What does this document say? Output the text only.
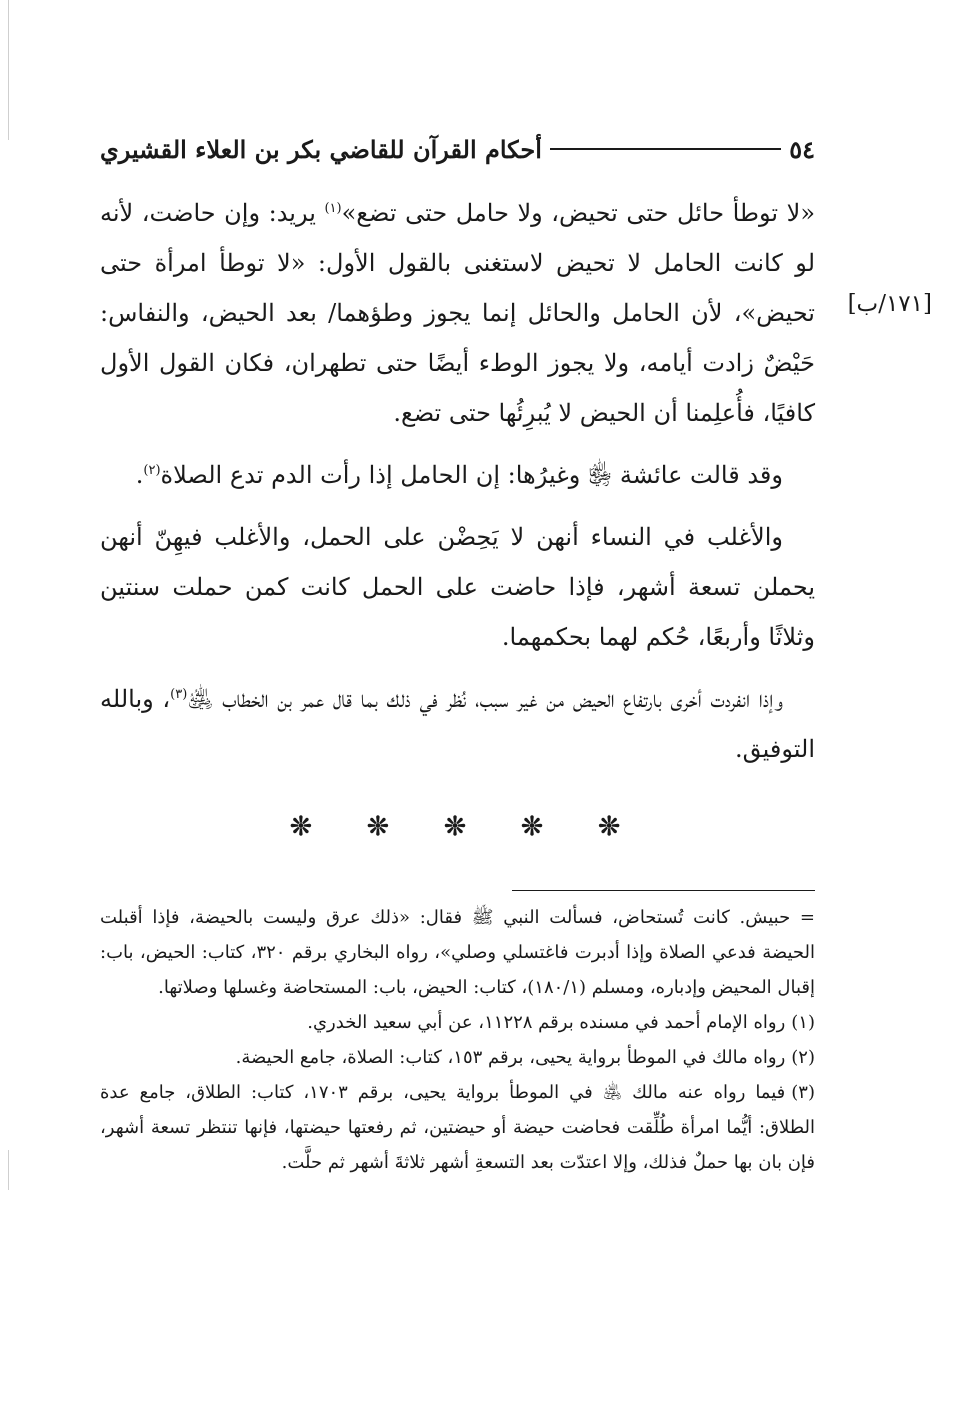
٥٤
أحكام القرآن للقاضي بكر بن العلاء القشيري
[١٧١/ب]

«لا توطأ حائل حتى تحيض، ولا حامل حتى تضع»$^{(١)}$ يريد: وإن حاضت، لأنه لو كانت الحامل لا تحيض لاستغنى بالقول الأول: «لا توطأ امرأة حتى تحيض»، لأن الحامل والحائل إنما يجوز وطؤهما/ بعد الحيض، والنفاس: حَيْضٌ زادت أيامه، ولا يجوز الوطء أيضًا حتى تطهران، فكان القول الأول كافيًا، فأُعلِمنا أن الحيض لا يُبرِئُها حتى تضع.

وقد قالت عائشة ﵂ وغيرُها: إن الحامل إذا رأت الدم تدع الصلاة$^{(٢)}$.

والأغلب في النساء أنهن لا يَحِضْن على الحمل، والأغلب فيهِنّ أنهن يحملن تسعة أشهر، فإذا حاضت على الحمل كانت كمن حملت سنتين وثلاثًا وأربعًا، حُكم لهما بحكمهما.

وإذا انفردت أخرى بارتفاع الحيض من غير سبب، نُظر في ذلك بما قال عمر بن الخطاب ﵁$^{(٣)}$، وبالله التوفيق.

❊ ❊ ❊ ❊ ❊

= حبيش. كانت تُستحاض، فسألت النبي ﷺ فقال: «ذلك عرق وليست بالحيضة، فإذا أقبلت الحيضة فدعي الصلاة وإذا أدبرت فاغتسلي وصلي»، رواه البخاري برقم ٣٢٠، كتاب: الحيض، باب: إقبال المحيض وإدباره، ومسلم (١٨٠/١)، كتاب: الحيض، باب: المستحاضة وغسلها وصلاتها.

(١)رواه الإمام أحمد في مسنده برقم ١١٢٢٨، عن أبي سعيد الخدري.

(٢)رواه مالك في الموطأ برواية يحيى، برقم ١٥٣، كتاب: الصلاة، جامع الحيضة.

(٣)فيما رواه عنه مالك ﵁ في الموطأ برواية يحيى، برقم ١٧٠٣، كتاب: الطلاق، جامع عدة الطلاق: أيُّما امرأة طُلِّقت فحاضت حيضة أو حيضتين، ثم رفعتها حيضتها، فإنها تنتظر تسعة أشهر، فإن بان بها حملٌ فذلك، وإلا اعتدّت بعد التسعةِ أشهر ثلاثةَ أشهر ثم حلَّت.
